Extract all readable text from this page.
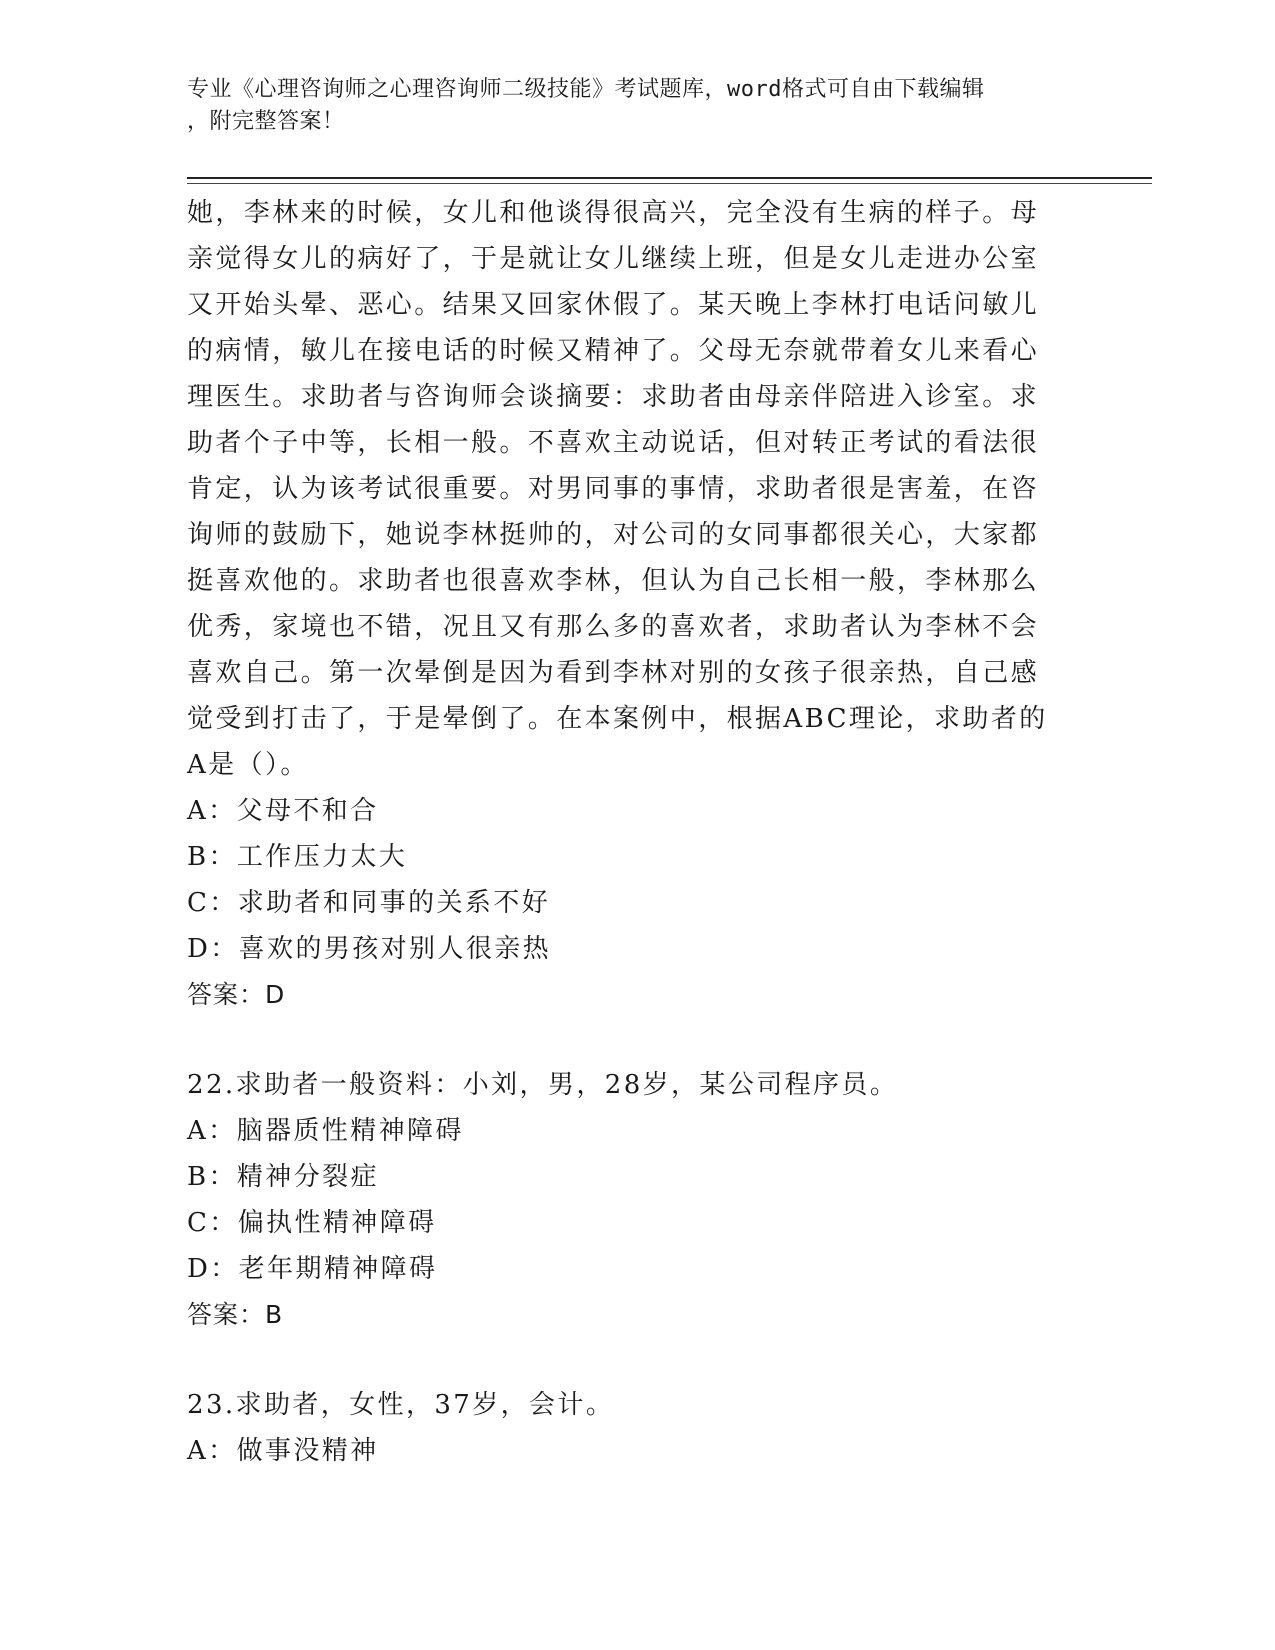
专业《心理咨询师之心理咨询师二级技能》考试题库，word格式可自由下载编辑
，附完整答案！
她，李林来的时候，女儿和他谈得很高兴，完全没有生病的样子。母
亲觉得女儿的病好了，于是就让女儿继续上班，但是女儿走进办公室
又开始头晕、恶心。结果又回家休假了。某天晚上李林打电话问敏儿
的病情，敏儿在接电话的时候又精神了。父母无奈就带着女儿来看心
理医生。求助者与咨询师会谈摘要：求助者由母亲伴陪进入诊室。求
助者个子中等，长相一般。不喜欢主动说话，但对转正考试的看法很
肯定，认为该考试很重要。对男同事的事情，求助者很是害羞，在咨
询师的鼓励下，她说李林挺帅的，对公司的女同事都很关心，大家都
挺喜欢他的。求助者也很喜欢李林，但认为自己长相一般，李林那么
优秀，家境也不错，况且又有那么多的喜欢者，求助者认为李林不会
喜欢自己。第一次晕倒是因为看到李林对别的女孩子很亲热，自己感
觉受到打击了，于是晕倒了。在本案例中，根据ABC理论，求助者的
A是（）。
A：父母不和合
B：工作压力太大
C：求助者和同事的关系不好
D：喜欢的男孩对别人很亲热
答案：D
22.求助者一般资料：小刘，男，28岁，某公司程序员。
A：脑器质性精神障碍
B：精神分裂症
C：偏执性精神障碍
D：老年期精神障碍
答案：B
23.求助者，女性，37岁，会计。
A：做事没精神
